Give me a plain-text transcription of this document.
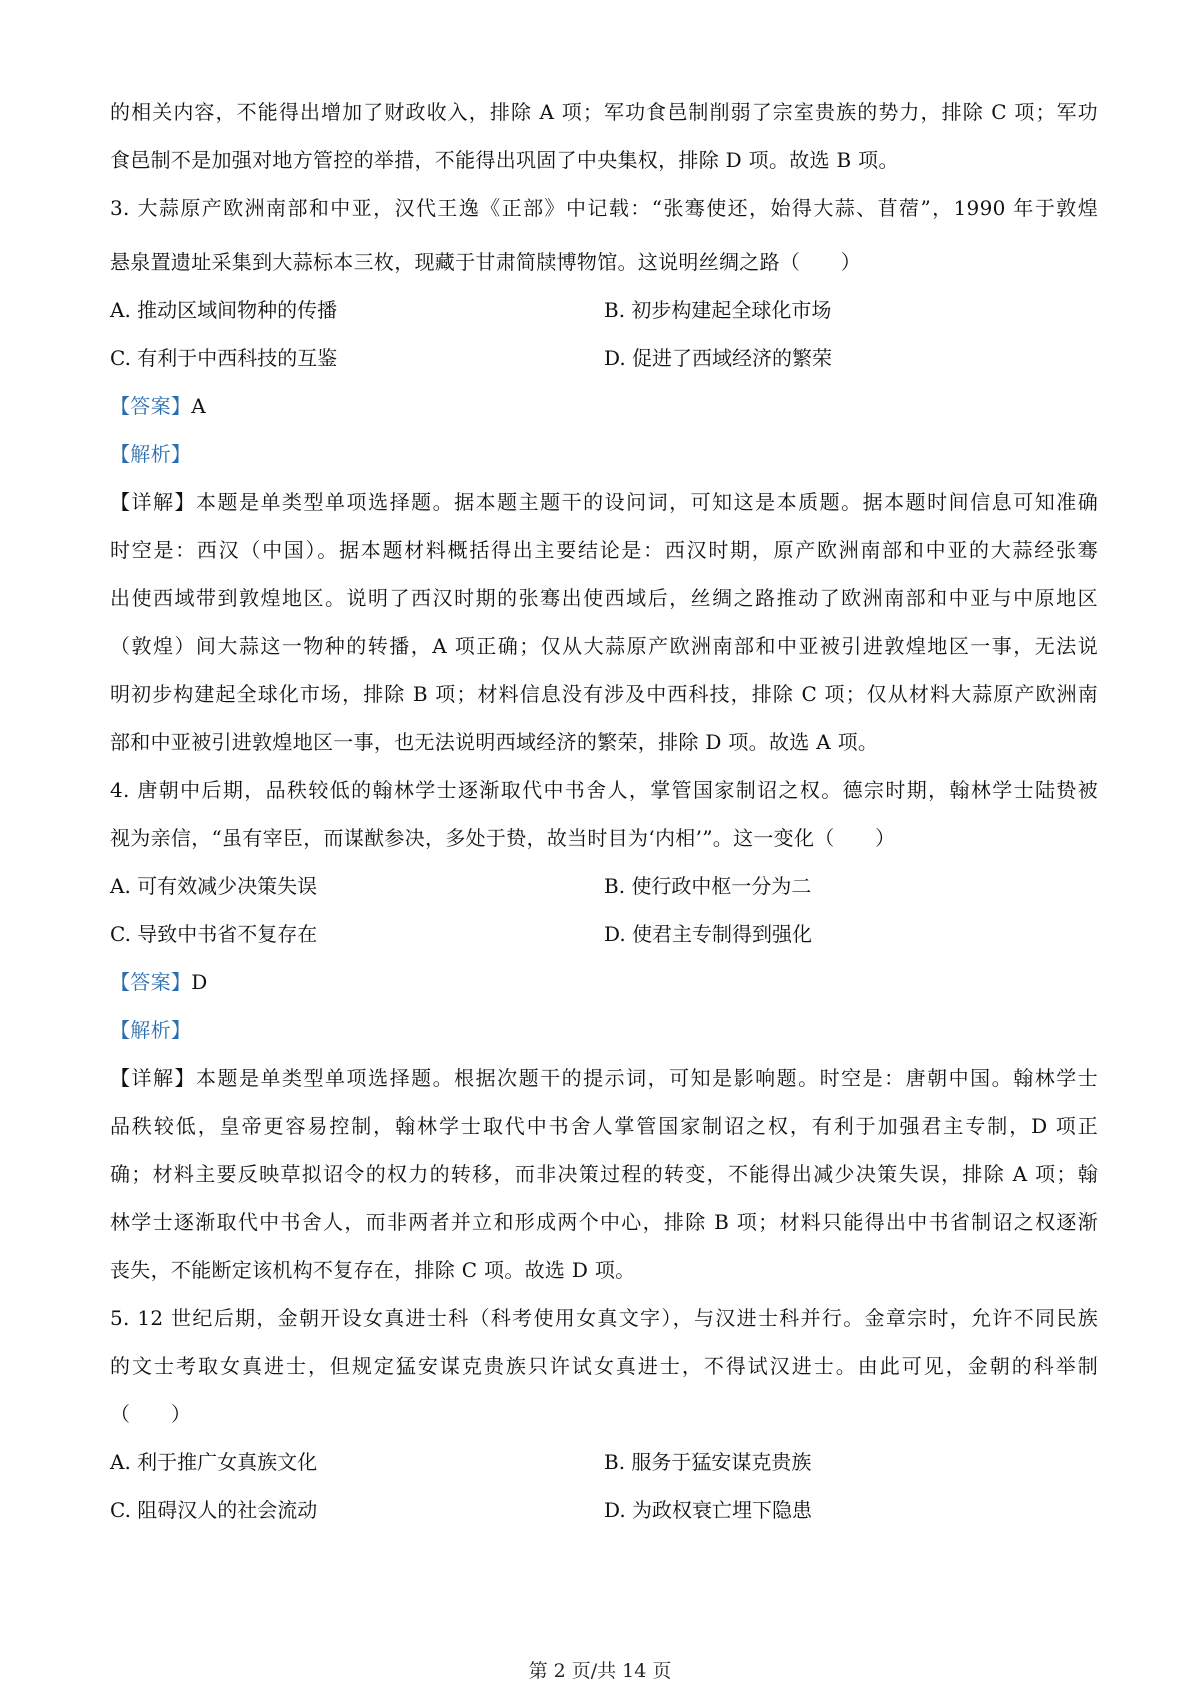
的相关内容，不能得出增加了财政收入，排除 A 项；军功食邑制削弱了宗室贵族的势力，排除 C 项；军功
食邑制不是加强对地方管控的举措，不能得出巩固了中央集权，排除 D 项。故选 B 项。
3. 大蒜原产欧洲南部和中亚，汉代王逸《正部》中记载：“张骞使还，始得大蒜、苜蓿”，1990 年于敦煌
悬泉置遗址采集到大蒜标本三枚，现藏于甘肃简牍博物馆。这说明丝绸之路（　　）
A. 推动区域间物种的传播	B. 初步构建起全球化市场
C. 有利于中西科技的互鉴	D. 促进了西域经济的繁荣
【答案】A
【解析】
【详解】本题是单类型单项选择题。据本题主题干的设问词，可知这是本质题。据本题时间信息可知准确
时空是：西汉（中国）。据本题材料概括得出主要结论是：西汉时期，原产欧洲南部和中亚的大蒜经张骞
出使西域带到敦煌地区。说明了西汉时期的张骞出使西域后，丝绸之路推动了欧洲南部和中亚与中原地区
（敦煌）间大蒜这一物种的转播，A 项正确；仅从大蒜原产欧洲南部和中亚被引进敦煌地区一事，无法说
明初步构建起全球化市场，排除 B 项；材料信息没有涉及中西科技，排除 C 项；仅从材料大蒜原产欧洲南
部和中亚被引进敦煌地区一事，也无法说明西域经济的繁荣，排除 D 项。故选 A 项。
4. 唐朝中后期，品秩较低的翰林学士逐渐取代中书舍人，掌管国家制诏之权。德宗时期，翰林学士陆贽被
视为亲信，“虽有宰臣，而谋猷参决，多处于贽，故当时目为‘内相’”。这一变化（　　）
A. 可有效减少决策失误	B. 使行政中枢一分为二
C. 导致中书省不复存在	D. 使君主专制得到强化
【答案】D
【解析】
【详解】本题是单类型单项选择题。根据次题干的提示词，可知是影响题。时空是：唐朝中国。翰林学士
品秩较低，皇帝更容易控制，翰林学士取代中书舍人掌管国家制诏之权，有利于加强君主专制，D 项正
确；材料主要反映草拟诏令的权力的转移，而非决策过程的转变，不能得出减少决策失误，排除 A 项；翰
林学士逐渐取代中书舍人，而非两者并立和形成两个中心，排除 B 项；材料只能得出中书省制诏之权逐渐
丧失，不能断定该机构不复存在，排除 C 项。故选 D 项。
5. 12 世纪后期，金朝开设女真进士科（科考使用女真文字），与汉进士科并行。金章宗时，允许不同民族
的文士考取女真进士，但规定猛安谋克贵族只许试女真进士，不得试汉进士。由此可见，金朝的科举制
（　　）
A. 利于推广女真族文化	B. 服务于猛安谋克贵族
C. 阻碍汉人的社会流动	D. 为政权衰亡埋下隐患
第 2 页/共 14 页
